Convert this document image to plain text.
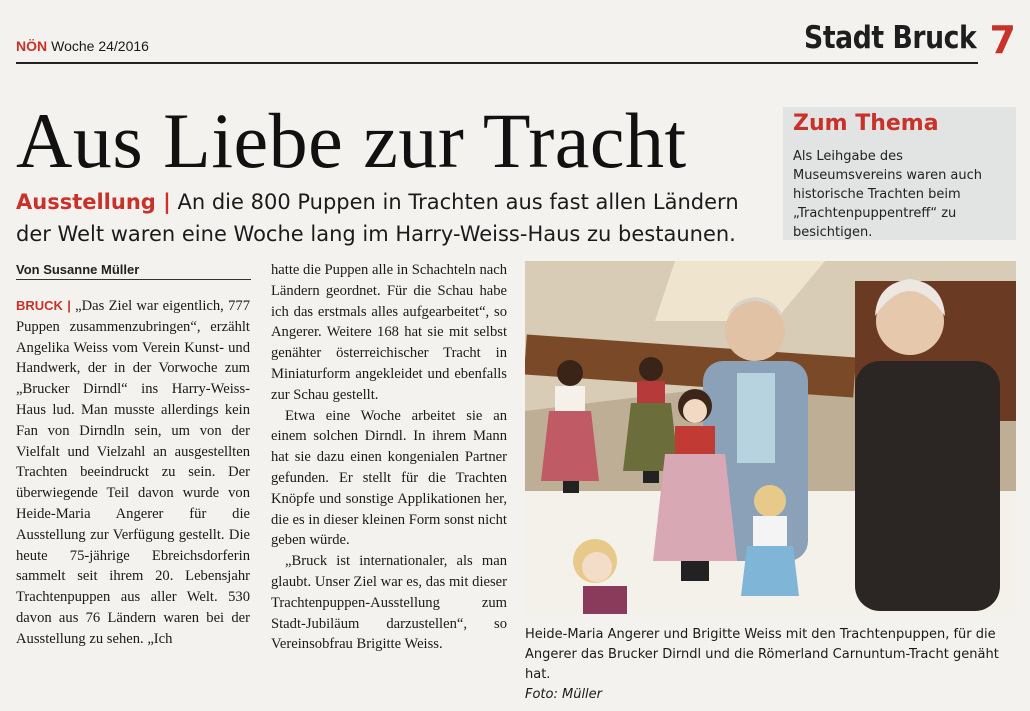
NÖN Woche 24/2016	Stadt Bruck 7
Aus Liebe zur Tracht
Ausstellung | An die 800 Puppen in Trachten aus fast allen Ländern der Welt waren eine Woche lang im Harry-Weiss-Haus zu bestaunen.
Zum Thema
Als Leihgabe des Museumsvereins waren auch historische Trachten beim „Trachtenpuppentreff“ zu besichtigen.
Von Susanne Müller

BRUCK | „Das Ziel war eigentlich, 777 Puppen zusammenzubringen“, erzählt Angelika Weiss vom Verein Kunst- und Handwerk, der in der Vorwoche zum „Brucker Dirndl“ ins Harry-Weiss-Haus lud. Man musste allerdings kein Fan von Dirndln sein, um von der Vielfalt und Vielzahl an ausgestellten Trachten beeindruckt zu sein. Der überwiegende Teil davon wurde von Heide-Maria Angerer für die Ausstellung zur Verfügung gestellt. Die heute 75-jährige Ebreichsdorferin sammelt seit ihrem 20. Lebensjahr Trachtenpuppen aus aller Welt. 530 davon aus 76 Ländern waren bei der Ausstellung zu sehen. „Ich

hatte die Puppen alle in Schachteln nach Ländern geordnet. Für die Schau habe ich das erstmals alles aufgearbeitet“, so Angerer. Weitere 168 hat sie mit selbst genähter österreichischer Tracht in Miniaturform angekleidet und ebenfalls zur Schau gestellt.

Etwa eine Woche arbeitet sie an einem solchen Dirndl. In ihrem Mann hat sie dazu einen kongenialen Partner gefunden. Er stellt für die Trachten Knöpfe und sonstige Applikationen her, die es in dieser kleinen Form sonst nicht geben würde.

„Bruck ist internationaler, als man glaubt. Unser Ziel war es, das mit dieser Trachtenpuppen-Ausstellung zum Stadt-Jubiläum darzustellen“, so Vereinsobfrau Brigitte Weiss.

Heide-Maria Angerer und Brigitte Weiss mit den Trachtenpuppen, für die Angerer das Brucker Dirndl und die Römerland Carnuntum-Tracht genäht hat.
Foto: Müller
